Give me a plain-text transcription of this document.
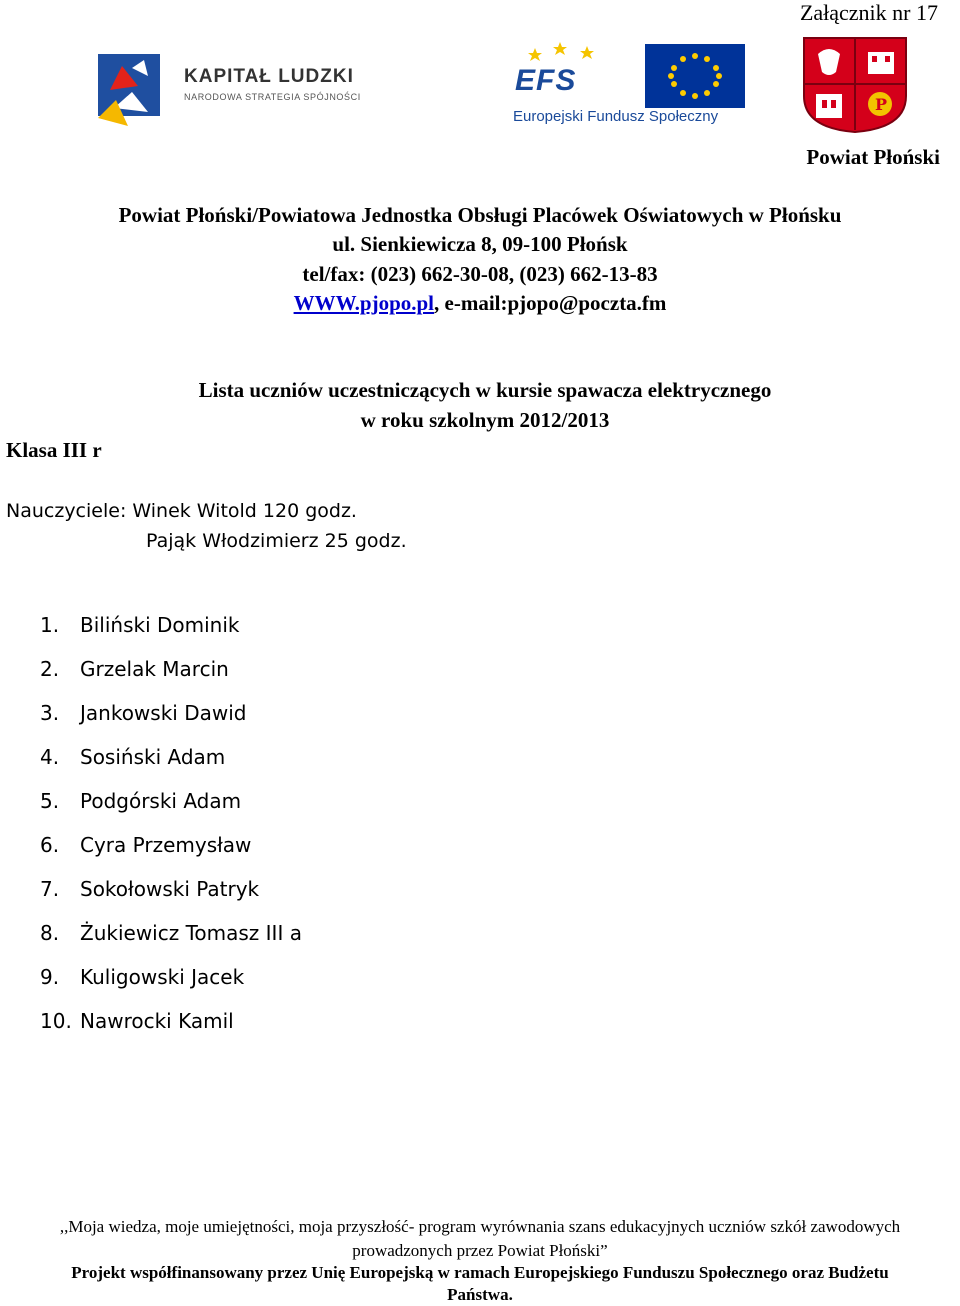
Załącznik nr 17
KAPITAŁ LUDZKI
NARODOWA STRATEGIA SPÓJNOŚCI	EFS
Europejski Fundusz Społeczny
P
Powiat Płoński
Powiat Płoński/Powiatowa Jednostka Obsługi Placówek Oświatowych w Płońsku
ul. Sienkiewicza 8, 09-100 Płońsk
tel/fax: (023) 662-30-08, (023) 662-13-83
WWW.pjopo.pl, e-mail:pjopo@poczta.fm
Lista uczniów uczestniczących w kursie spawacza elektrycznego
w roku szkolnym 2012/2013
Klasa III r
Nauczyciele: Winek Witold 120 godz.
Pająk Włodzimierz 25 godz.
1. Biliński Dominik
2. Grzelak Marcin
3. Jankowski Dawid
4. Sosiński Adam
5. Podgórski Adam
6. Cyra Przemysław
7. Sokołowski Patryk
8. Żukiewicz Tomasz III a
9. Kuligowski Jacek
10. Nawrocki Kamil
,,Moja wiedza, moje umiejętności, moja przyszłość- program wyrównania szans edukacyjnych uczniów szkół zawodowych
prowadzonych przez Powiat Płoński”
Projekt współfinansowany przez Unię Europejską w ramach Europejskiego Funduszu Społecznego oraz Budżetu
Państwa.
